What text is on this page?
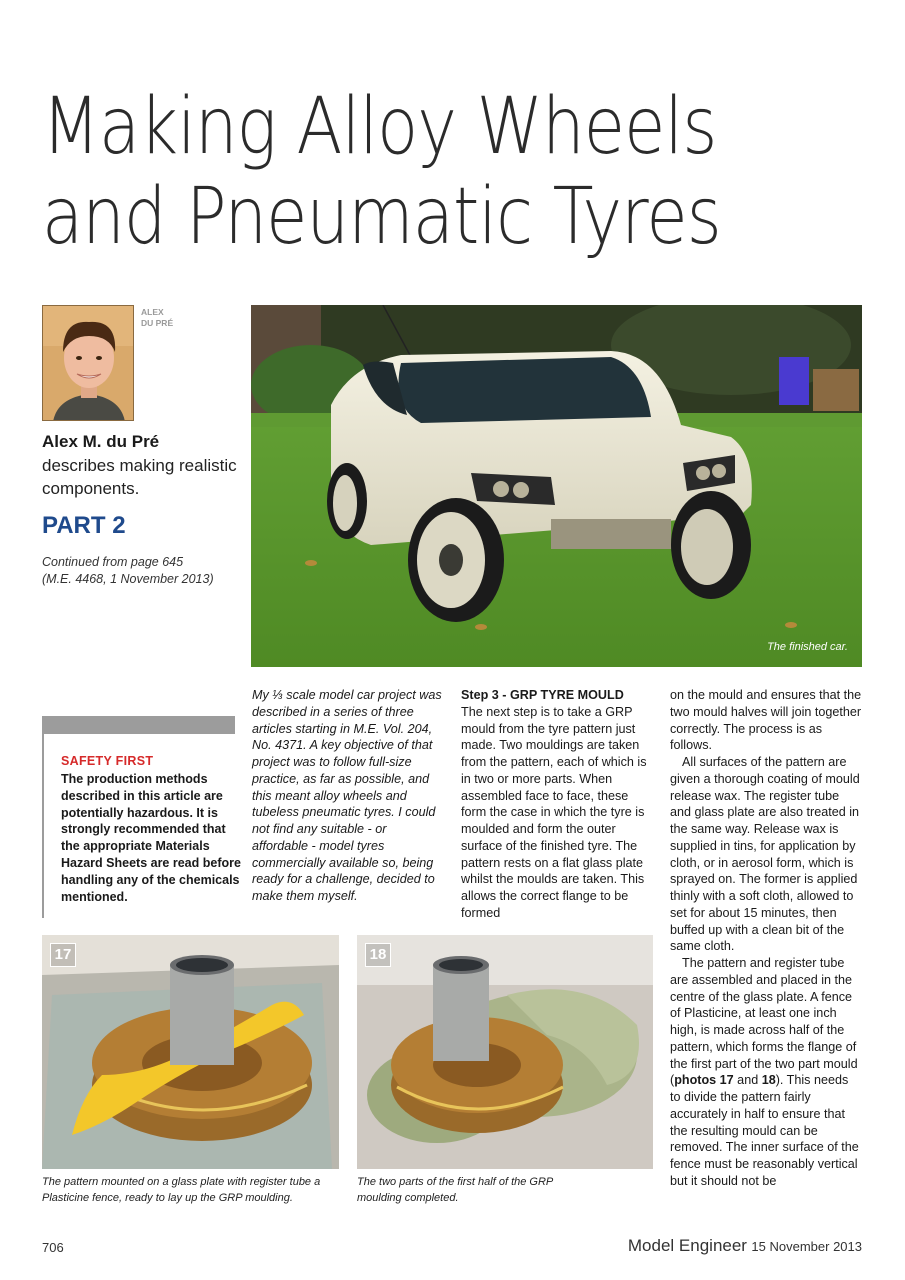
Making Alloy Wheels
and Pneumatic Tyres
ALEX
DU PRÉ
Alex M. du Pré
describes making realistic components.
PART 2
Continued from page 645
(M.E. 4468, 1 November 2013)
The finished car.
SAFETY FIRST
The production methods described in this article are potentially hazardous. It is strongly recommended that the appropriate Materials Hazard Sheets are read before handling any of the chemicals mentioned.

My ⅓ scale model car project was described in a series of three articles starting in M.E. Vol. 204, No. 4371. A key objective of that project was to follow full-size practice, as far as possible, and this meant alloy wheels and tubeless pneumatic tyres. I could not find any suitable - or affordable - model tyres commercially available so, being ready for a challenge, decided to make them myself.

Step 3 - GRP TYRE MOULD

The next step is to take a GRP mould from the tyre pattern just made. Two mouldings are taken from the pattern, each of which is in two or more parts. When assembled face to face, these form the case in which the tyre is moulded and form the outer surface of the finished tyre. The pattern rests on a flat glass plate whilst the moulds are taken. This allows the correct flange to be formed

on the mould and ensures that the two mould halves will join together correctly. The process is as follows.

All surfaces of the pattern are given a thorough coating of mould release wax. The register tube and glass plate are also treated in the same way. Release wax is supplied in tins, for application by cloth, or in aerosol form, which is sprayed on. The former is applied thinly with a soft cloth, allowed to set for about 15 minutes, then buffed up with a clean bit of the same cloth.

The pattern and register tube are assembled and placed in the centre of the glass plate. A fence of Plasticine, at least one inch high, is made across half of the pattern, which forms the flange of the first part of the two part mould (photos 17 and 18). This needs to divide the pattern fairly accurately in half to ensure that the resulting mould can be removed. The inner surface of the fence must be reasonably vertical but it should not be

17
The pattern mounted on a glass plate with register tube a Plasticine fence, ready to lay up the GRP moulding.
18
The two parts of the first half of the GRP moulding completed.
706	Model Engineer 15 November 2013
